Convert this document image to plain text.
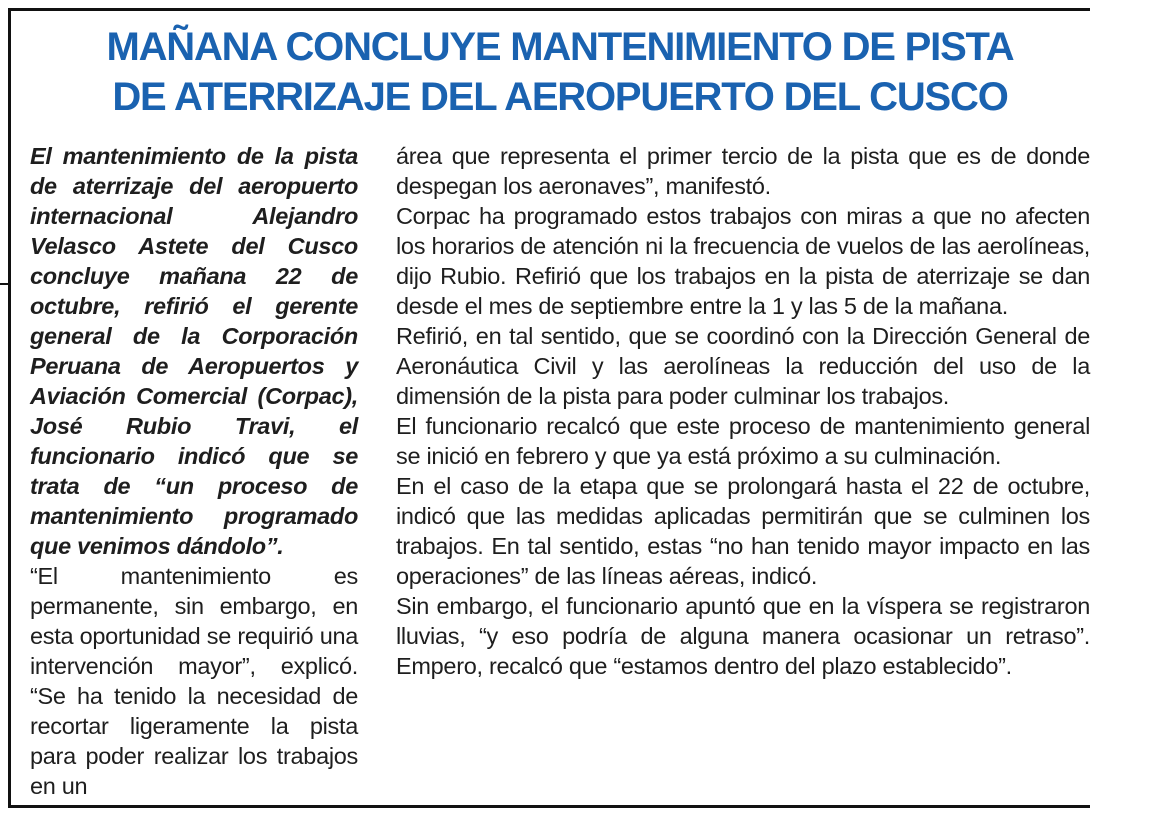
MAÑANA CONCLUYE MANTENIMIENTO DE PISTA
DE ATERRIZAJE DEL AEROPUERTO DEL CUSCO

El mantenimiento de la pista de aterrizaje del aeropuerto internacional Alejandro Velasco Astete del Cusco concluye mañana 22 de octubre, refirió el gerente general de la Corporación Peruana de Aeropuertos y Aviación Comercial (Corpac), José Rubio Travi, el funcionario indicó que se trata de “un proceso de mantenimiento programado que venimos dándolo”.

“El mantenimiento es permanente, sin embargo, en esta oportunidad se requirió una intervención mayor”, explicó. “Se ha tenido la necesidad de recortar ligeramente la pista para poder realizar los trabajos en un

área que representa el primer tercio de la pista que es de donde despegan los aeronaves”, manifestó.

Corpac ha programado estos trabajos con miras a que no afecten los horarios de atención ni la frecuencia de vuelos de las aerolíneas, dijo Rubio. Refirió que los trabajos en la pista de aterrizaje se dan desde el mes de septiembre entre la 1 y las 5 de la mañana.

Refirió, en tal sentido, que se coordinó con la Dirección General de Aeronáutica Civil y las aerolíneas la reducción del uso de la dimensión de la pista para poder culminar los trabajos.

El funcionario recalcó que este proceso de mantenimiento general se inició en febrero y que ya está próximo a su culminación.

En el caso de la etapa que se prolongará hasta el 22 de octubre, indicó que las medidas aplicadas permitirán que se culminen los trabajos. En tal sentido, estas “no han tenido mayor impacto en las operaciones” de las líneas aéreas, indicó.

Sin embargo, el funcionario apuntó que en la víspera se registraron lluvias, “y eso podría de alguna manera ocasionar un retraso”. Empero, recalcó que “estamos dentro del plazo establecido”.
